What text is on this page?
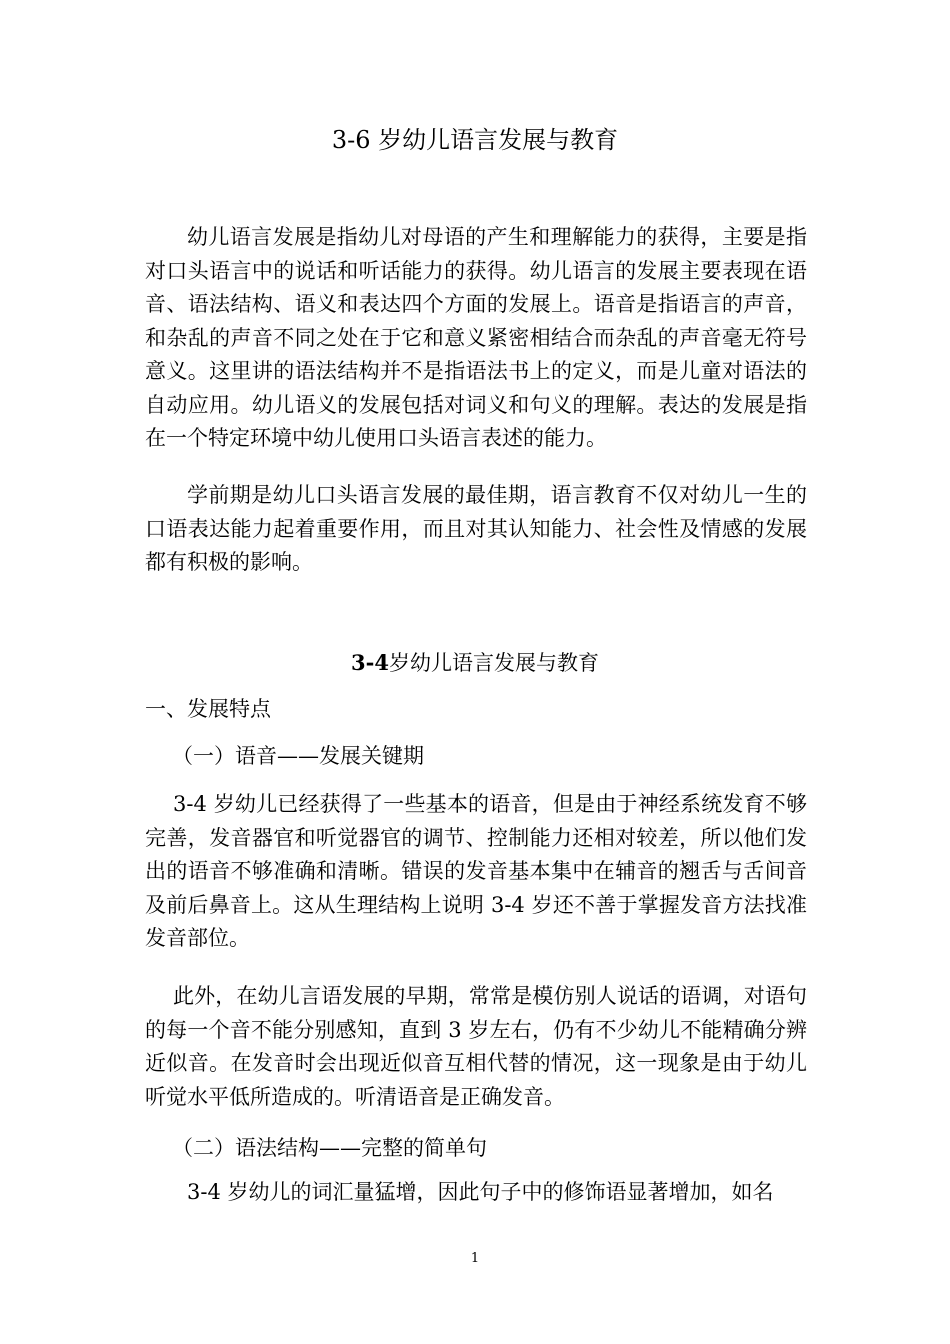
3-6 岁幼儿语言发展与教育

幼儿语言发展是指幼儿对母语的产生和理解能力的获得，主要是指对口头语言中的说话和听话能力的获得。幼儿语言的发展主要表现在语音、语法结构、语义和表达四个方面的发展上。语音是指语言的声音，和杂乱的声音不同之处在于它和意义紧密相结合而杂乱的声音毫无符号意义。这里讲的语法结构并不是指语法书上的定义，而是儿童对语法的自动应用。幼儿语义的发展包括对词义和句义的理解。表达的发展是指在一个特定环境中幼儿使用口头语言表述的能力。

学前期是幼儿口头语言发展的最佳期，语言教育不仅对幼儿一生的口语表达能力起着重要作用，而且对其认知能力、社会性及情感的发展都有积极的影响。

3-4岁幼儿语言发展与教育
一、发展特点
（一）语音——发展关键期

3-4 岁幼儿已经获得了一些基本的语音，但是由于神经系统发育不够完善，发音器官和听觉器官的调节、控制能力还相对较差，所以他们发出的语音不够准确和清晰。错误的发音基本集中在辅音的翘舌与舌间音及前后鼻音上。这从生理结构上说明 3-4 岁还不善于掌握发音方法找准发音部位。

此外，在幼儿言语发展的早期，常常是模仿别人说话的语调，对语句的每一个音不能分别感知，直到 3 岁左右，仍有不少幼儿不能精确分辨近似音。在发音时会出现近似音互相代替的情况，这一现象是由于幼儿听觉水平低所造成的。听清语音是正确发音。

（二）语法结构——完整的简单句

3-4 岁幼儿的词汇量猛增，因此句子中的修饰语显著增加，如名

1
